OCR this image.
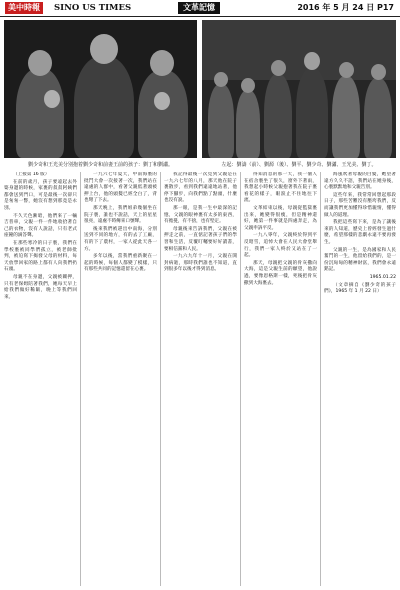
美中時報	SINO US TIMES	文革記憶	2016 年 5 月 24 日 P17
劉少奇和王光美分別抱着劉少奇和前妻王前的孩子：劉丁和劉瀟。	左起：劉濤（前）、劉源（後）、劉平、劉少奇、劉瀟、王光美、劉丁。

（上接第 16 版）

在前的歲月，孩子要遠起去外婆身邊的時候，家裏的叔叔阿姨們都會送到門口，可是最後一次卻只是匆匆一瞥，她沒有想到那竟是永別。

不久天色漸暗，他們來了一輛吉普車，父親一件一件地收拾著自己的衣物，沒有人說話，只有老式座鐘的滴答聲。

在那些寒冷的日子裏，我們在學校裏被同學們孤立，被老師批判，被迫寫下揭發父母的材料，每天放學回家的路上都有人向我們扔石頭。

母親不在身邊，父親被關押，只有老保姆陪著我們，她每天早上給我們做好稀飯，晚上等我們回來。

一九六七年夏天，中南海裏的批鬥大會一次接著一次，我們站在遠處的人群中，看著父親低著頭被押上台，他的頭髮已經全白了，背也彎了下去。

那天晚上，我們姐弟幾個坐在院子裏，誰也不說話，天上的星星很亮，遠處不時傳來口號聲。

後來我們被趕出中南海，分別送到不同的地方，有的去了工廠，有的下了農村，一家人從此天各一方。

多年以後，當我們重新聚在一起的時候，每個人都變了模樣，只有那些共同的記憶還留在心裏。

我記得最後一次見到父親是在一九六七年的八月，那天他在院子裏散步，看到我們遠遠地站著，他停下腳步，向我們點了點頭，什麼也沒有說。

那一眼，是我一生中最深的記憶，父親的眼神裏有太多的東西，有擔憂，有不捨，也有堅定。

母親後來告訴我們，父親在被押走之前，一直惦記著孩子們的學習和生活，反覆叮囑要好好讀書，要相信黨和人民。

一九六九年十一月，父親在開封病逝，那時我們誰也不知道，直到很多年以後才得到消息。

得知消息的那一天，我一個人在宿舍裏坐了很久，窗外下著雨，我想起小時候父親抱著我在院子裏看花的樣子，眼淚止不住地往下流。

文革結束以後，母親從監獄裏出來，她變得很瘦，但是精神還好，她第一件事就是四處奔走，為父親申訴平反。

一九八零年，父親終於得到平反昭雪，追悼大會在人民大會堂舉行，我們一家人終於又站在了一起。

那天，母親把父親的骨灰撒向大海，這是父親生前的願望，他說過，要像恩格斯一樣，死後把骨灰撒到大海裏去。

海風吹著母親的白髮，她望著遠方久久不語，我們站在她身後，心裏默默地和父親告別。

這些年來，我常常回想起那段日子，那些苦難沒有壓垮我們，反而讓我們更加懂得珍惜親情，懂得做人的道理。

我把這些寫下來，是為了讓後來的人知道，歷史上曾經發生過什麼，希望那樣的悲劇永遠不要再發生。

父親的一生，是為國家和人民奮鬥的一生，他留給我們的，是一份沉甸甸的精神財富，我們會永遠銘記。

1965.01.22

（文章摘自《劉少奇的孩子們》，1965 年 1 月 22 日）
